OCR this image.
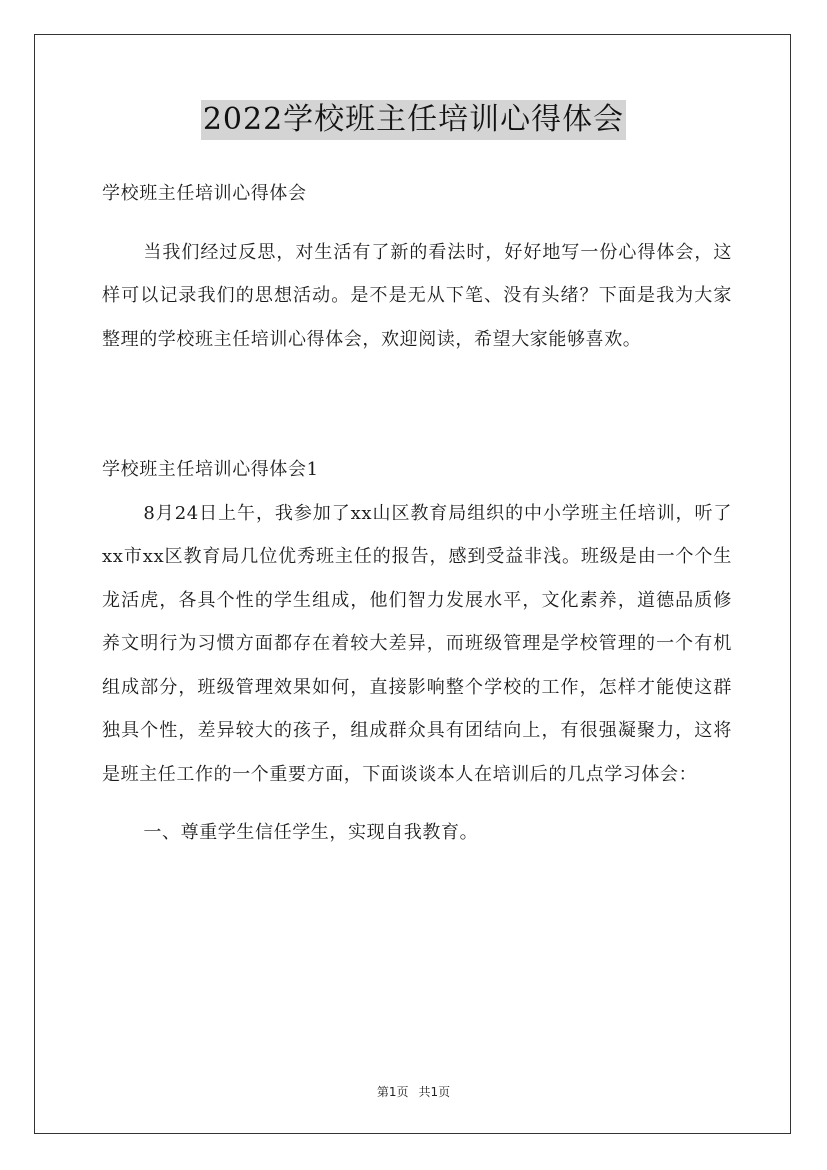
2022学校班主任培训心得体会

学校班主任培训心得体会

当我们经过反思，对生活有了新的看法时，好好地写一份心得体会，这样可以记录我们的思想活动。是不是无从下笔、没有头绪？下面是我为大家整理的学校班主任培训心得体会，欢迎阅读，希望大家能够喜欢。

学校班主任培训心得体会1

8月24日上午，我参加了xx山区教育局组织的中小学班主任培训，听了xx市xx区教育局几位优秀班主任的报告，感到受益非浅。班级是由一个个生龙活虎，各具个性的学生组成，他们智力发展水平，文化素养，道德品质修养文明行为习惯方面都存在着较大差异，而班级管理是学校管理的一个有机组成部分，班级管理效果如何，直接影响整个学校的工作，怎样才能使这群独具个性，差异较大的孩子，组成群众具有团结向上，有很强凝聚力，这将是班主任工作的一个重要方面，下面谈谈本人在培训后的几点学习体会：

一、尊重学生信任学生，实现自我教育。

第1页 共1页
